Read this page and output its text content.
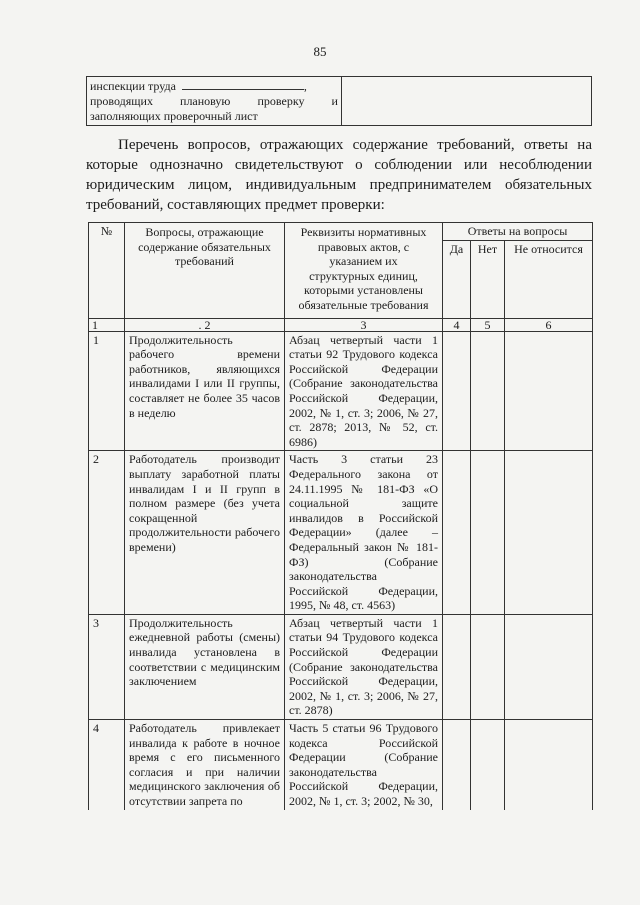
85
инспекции труда	,
проводящих плановую проверку и
заполняющих проверочный лист

Перечень вопросов, отражающих содержание требований, ответы на которые однозначно свидетельствуют о соблюдении или несоблюдении юридическим лицом, индивидуальным предпринимателем обязательных требований, составляющих предмет проверки:

№	Вопросы, отражающие содержание обязательных требований	Реквизиты нормативных правовых актов, с указанием их структурных единиц, которыми установлены обязательные требования	Ответы на вопросы		
			Да	Нет	Не относится
1	. 2	3	4	5	6
1	Продолжительность рабочего времени работников, являющихся инвалидами I или II группы, составляет не более 35 часов в неделю	Абзац четвертый части 1 статьи 92 Трудового кодекса Российской Федерации (Собрание законодательства Российской Федерации, 2002, № 1, ст. 3; 2006, № 27, ст. 2878; 2013, № 52, ст. 6986)			
2	Работодатель производит выплату заработной платы инвалидам I и II групп в полном размере (без учета сокращенной продолжительности рабочего времени)	Часть 3 статьи 23 Федерального закона от 24.11.1995 № 181-ФЗ «О социальной защите инвалидов в Российской Федерации» (далее – Федеральный закон № 181-ФЗ) (Собрание законодательства Российской Федерации, 1995, № 48, ст. 4563)			
3	Продолжительность ежедневной работы (смены) инвалида установлена в соответствии с медицинским заключением	Абзац четвертый части 1 статьи 94 Трудового кодекса Российской Федерации (Собрание законодательства Российской Федерации, 2002, № 1, ст. 3; 2006, № 27, ст. 2878)			
4	Работодатель привлекает инвалида к работе в ночное время с его письменного согласия и при наличии медицинского заключения об отсутствии запрета по	Часть 5 статьи 96 Трудового кодекса Российской Федерации (Собрание законодательства Российской Федерации, 2002, № 1, ст. 3; 2002, № 30,			
